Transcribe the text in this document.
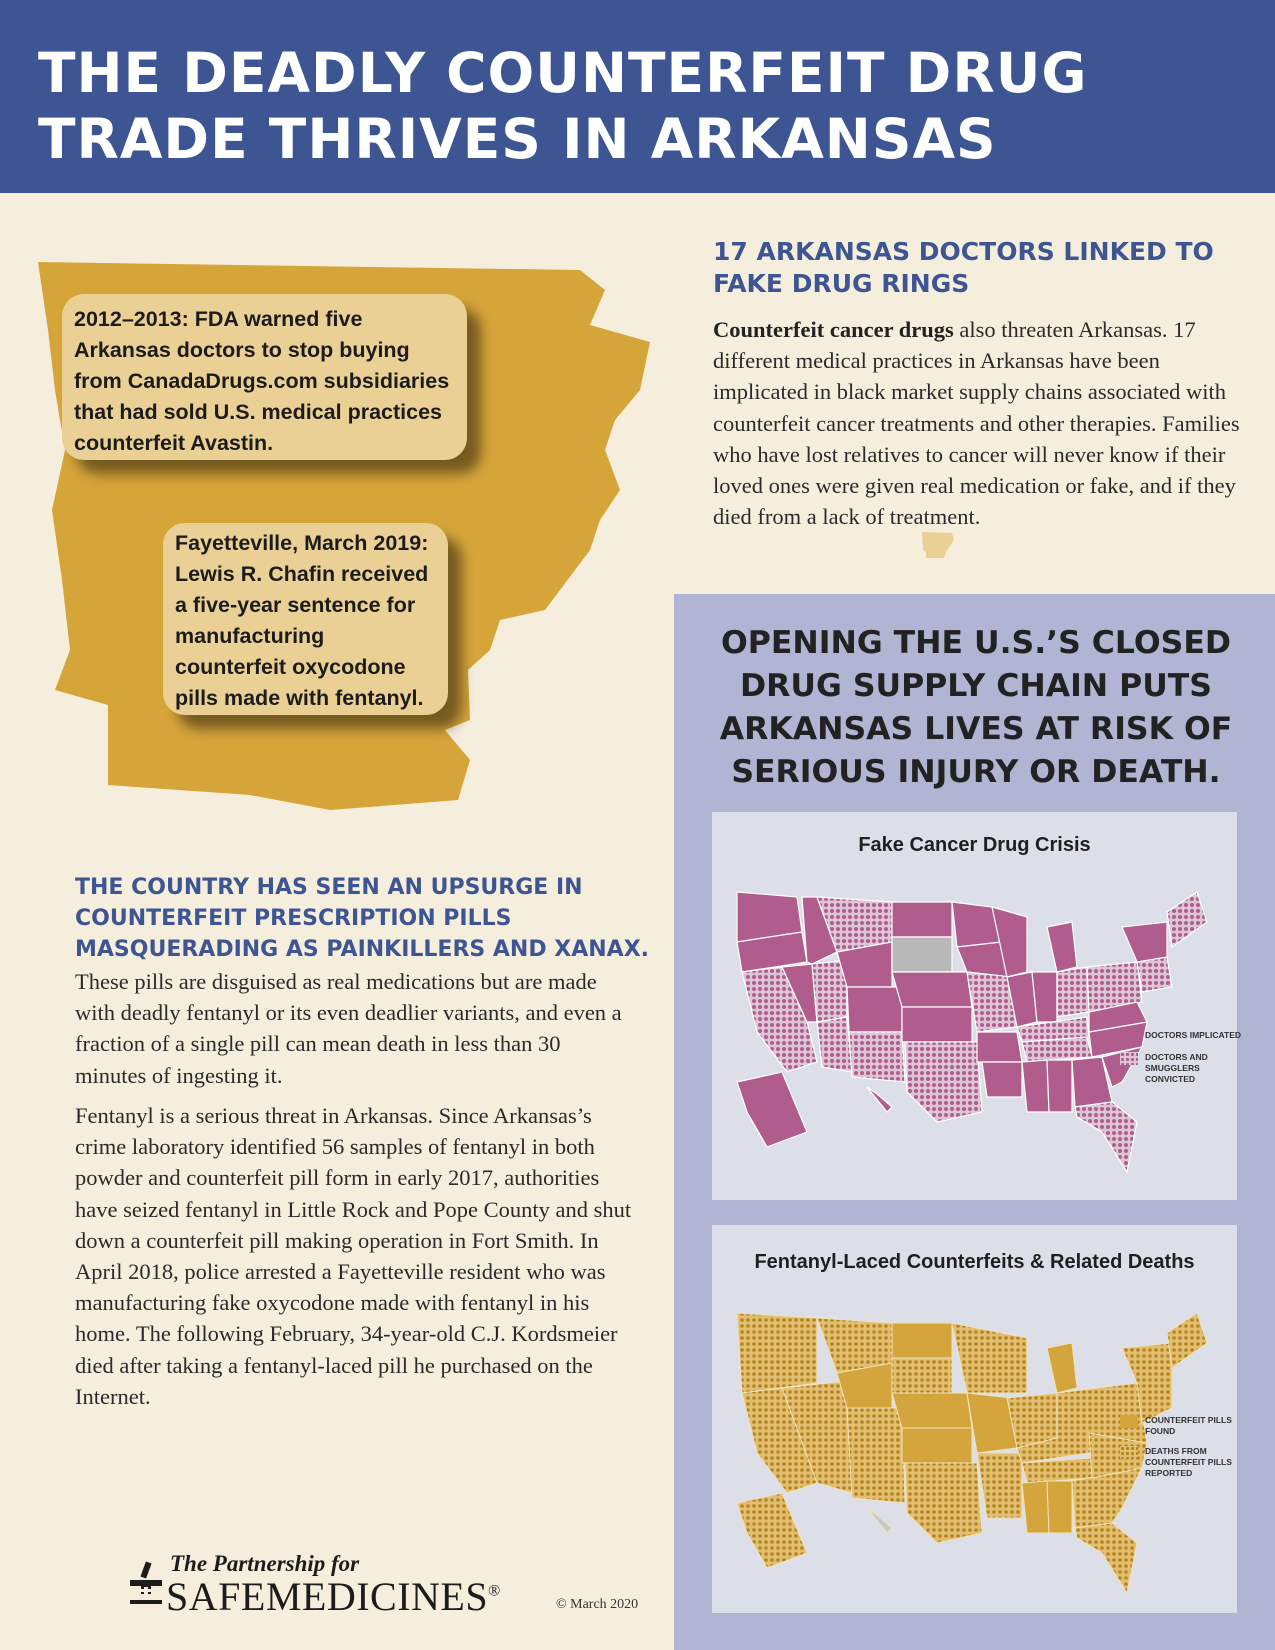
THE DEADLY COUNTERFEIT DRUG TRADE THRIVES IN ARKANSAS
2012–2013: FDA warned five Arkansas doctors to stop buying from CanadaDrugs.com subsidiaries that had sold U.S. medical practices counterfeit Avastin.
Fayetteville, March 2019: Lewis R. Chafin received a five-year sentence for manufacturing counterfeit oxycodone pills made with fentanyl.
17 ARKANSAS DOCTORS LINKED TO FAKE DRUG RINGS
Counterfeit cancer drugs also threaten Arkansas. 17 different medical practices in Arkansas have been implicated in black market supply chains associated with counterfeit cancer treatments and other therapies. Families who have lost relatives to cancer will never know if their loved ones were given real medication or fake, and if they died from a lack of treatment.
THE COUNTRY HAS SEEN AN UPSURGE IN COUNTERFEIT PRESCRIPTION PILLS MASQUERADING AS PAINKILLERS AND XANAX.

These pills are disguised as real medications but are made with deadly fentanyl or its even deadlier variants, and even a fraction of a single pill can mean death in less than 30 minutes of ingesting it.

Fentanyl is a serious threat in Arkansas. Since Arkansas’s crime laboratory identified 56 samples of fentanyl in both powder and counterfeit pill form in early 2017, authorities have seized fentanyl in Little Rock and Pope County and shut down a counterfeit pill making operation in Fort Smith. In April 2018, police arrested a Fayetteville resident who was manufacturing fake oxycodone made with fentanyl in his home. The following February, 34-year-old C.J. Kordsmeier died after taking a fentanyl-laced pill he purchased on the Internet.

OPENING THE U.S.’S CLOSED DRUG SUPPLY CHAIN PUTS ARKANSAS LIVES AT RISK OF SERIOUS INJURY OR DEATH.
Fake Cancer Drug Crisis
DOCTORS IMPLICATED
DOCTORS AND SMUGGLERS CONVICTED
Fentanyl-Laced Counterfeits & Related Deaths
COUNTERFEIT PILLS FOUND
DEATHS FROM COUNTERFEIT PILLS REPORTED
The Partnership for
SAFEMEDICINES®
© March 2020
